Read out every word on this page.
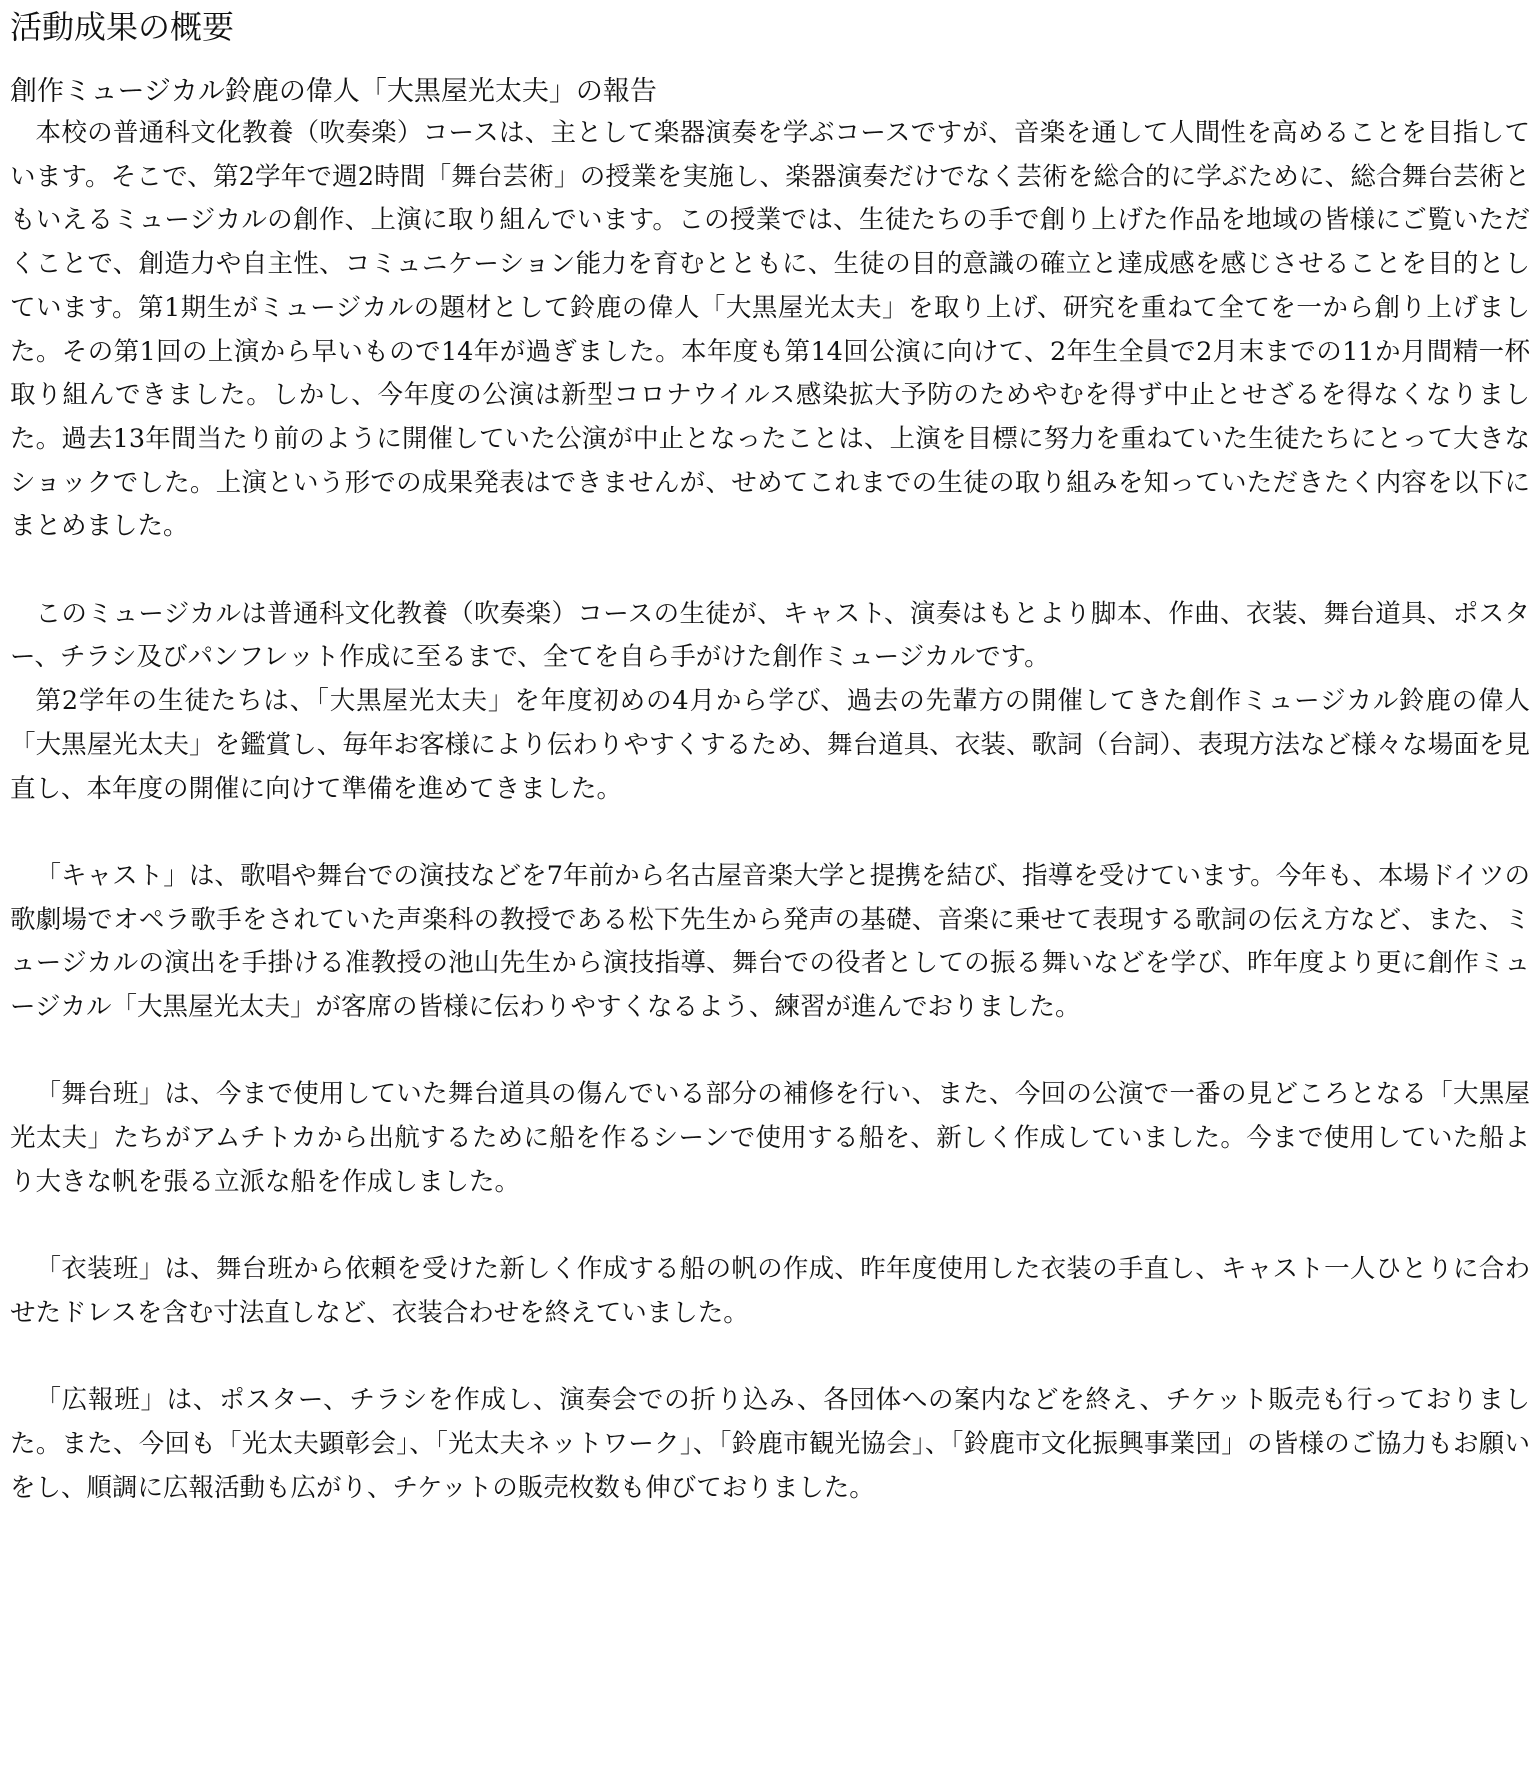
活動成果の概要
創作ミュージカル鈴鹿の偉人「大黒屋光太夫」の報告

本校の普通科文化教養（吹奏楽）コースは、主として楽器演奏を学ぶコースですが、音楽を通して人間性を高めることを目指しています。そこで、第2学年で週2時間「舞台芸術」の授業を実施し、楽器演奏だけでなく芸術を総合的に学ぶために、総合舞台芸術ともいえるミュージカルの創作、上演に取り組んでいます。この授業では、生徒たちの手で創り上げた作品を地域の皆様にご覧いただくことで、創造力や自主性、コミュニケーション能力を育むとともに、生徒の目的意識の確立と達成感を感じさせることを目的としています。第1期生がミュージカルの題材として鈴鹿の偉人「大黒屋光太夫」を取り上げ、研究を重ねて全てを一から創り上げました。その第1回の上演から早いもので14年が過ぎました。本年度も第14回公演に向けて、2年生全員で2月末までの11か月間精一杯取り組んできました。しかし、今年度の公演は新型コロナウイルス感染拡大予防のためやむを得ず中止とせざるを得なくなりました。過去13年間当たり前のように開催していた公演が中止となったことは、上演を目標に努力を重ねていた生徒たちにとって大きなショックでした。上演という形での成果発表はできませんが、せめてこれまでの生徒の取り組みを知っていただきたく内容を以下にまとめました。

このミュージカルは普通科文化教養（吹奏楽）コースの生徒が、キャスト、演奏はもとより脚本、作曲、衣装、舞台道具、ポスター、チラシ及びパンフレット作成に至るまで、全てを自ら手がけた創作ミュージカルです。

第2学年の生徒たちは、「大黒屋光太夫」を年度初めの4月から学び、過去の先輩方の開催してきた創作ミュージカル鈴鹿の偉人「大黒屋光太夫」を鑑賞し、毎年お客様により伝わりやすくするため、舞台道具、衣装、歌詞（台詞）、表現方法など様々な場面を見直し、本年度の開催に向けて準備を進めてきました。

「キャスト」は、歌唱や舞台での演技などを7年前から名古屋音楽大学と提携を結び、指導を受けています。今年も、本場ドイツの歌劇場でオペラ歌手をされていた声楽科の教授である松下先生から発声の基礎、音楽に乗せて表現する歌詞の伝え方など、また、ミュージカルの演出を手掛ける准教授の池山先生から演技指導、舞台での役者としての振る舞いなどを学び、昨年度より更に創作ミュージカル「大黒屋光太夫」が客席の皆様に伝わりやすくなるよう、練習が進んでおりました。

「舞台班」は、今まで使用していた舞台道具の傷んでいる部分の補修を行い、また、今回の公演で一番の見どころとなる「大黒屋光太夫」たちがアムチトカから出航するために船を作るシーンで使用する船を、新しく作成していました。今まで使用していた船より大きな帆を張る立派な船を作成しました。

「衣装班」は、舞台班から依頼を受けた新しく作成する船の帆の作成、昨年度使用した衣装の手直し、キャスト一人ひとりに合わせたドレスを含む寸法直しなど、衣装合わせを終えていました。

「広報班」は、ポスター、チラシを作成し、演奏会での折り込み、各団体への案内などを終え、チケット販売も行っておりました。また、今回も「光太夫顕彰会」、「光太夫ネットワーク」、「鈴鹿市観光協会」、「鈴鹿市文化振興事業団」の皆様のご協力もお願いをし、順調に広報活動も広がり、チケットの販売枚数も伸びておりました。
